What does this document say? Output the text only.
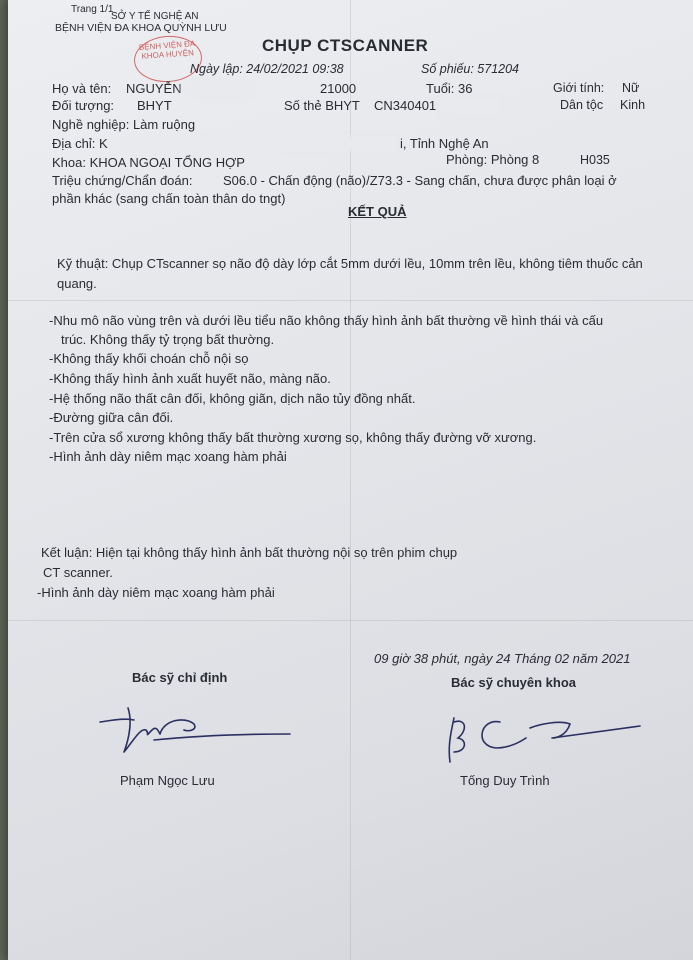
Trang 1/1
SỞ Y TẾ NGHỆ AN
BỆNH VIỆN ĐA KHOA QUỲNH LƯU
BỆNH VIỆN ĐA KHOA HUYỆN	CHỤP CTSCANNER
Ngày lập: 24/02/2021 09:38	Số phiếu: 571204
Họ và tên: NGUYỄN	21000	Tuổi: 36	Giới tính: Nữ
Đối tượng: BHYT	Số thẻ BHYT CN340401	Dân tộc Kinh
Nghề nghiệp: Làm ruộng
Địa chỉ: K	i, Tỉnh Nghệ An
Khoa: KHOA NGOẠI TỔNG HỢP	Phòng: Phòng 8	H035
Triệu chứng/Chẩn đoán: S06.0 - Chấn động (não)/Z73.3 - Sang chấn, chưa được phân loại ở
phần khác (sang chấn toàn thân do tngt)
KẾT QUẢ
Kỹ thuật: Chụp CTscanner sọ não độ dày lớp cắt 5mm dưới lều, 10mm trên lều, không tiêm thuốc cản quang.
-Nhu mô não vùng trên và dưới lều tiểu não không thấy hình ảnh bất thường về hình thái và cấu
trúc. Không thấy tỷ trọng bất thường.
-Không thấy khối choán chỗ nội sọ
-Không thấy hình ảnh xuất huyết não, màng não.
-Hệ thống não thất cân đối, không giãn, dịch não tủy đồng nhất.
-Đường giữa cân đối.
-Trên cửa sổ xương không thấy bất thường xương sọ, không thấy đường vỡ xương.
-Hình ảnh dày niêm mạc xoang hàm phải
Kết luận: Hiện tại không thấy hình ảnh bất thường nội sọ trên phim chụp
CT scanner.
-Hình ảnh dày niêm mạc xoang hàm phải
09 giờ 38 phút, ngày 24 Tháng 02 năm 2021
Bác sỹ chỉ định	Bác sỹ chuyên khoa
Phạm Ngọc Lưu	Tống Duy Trình
